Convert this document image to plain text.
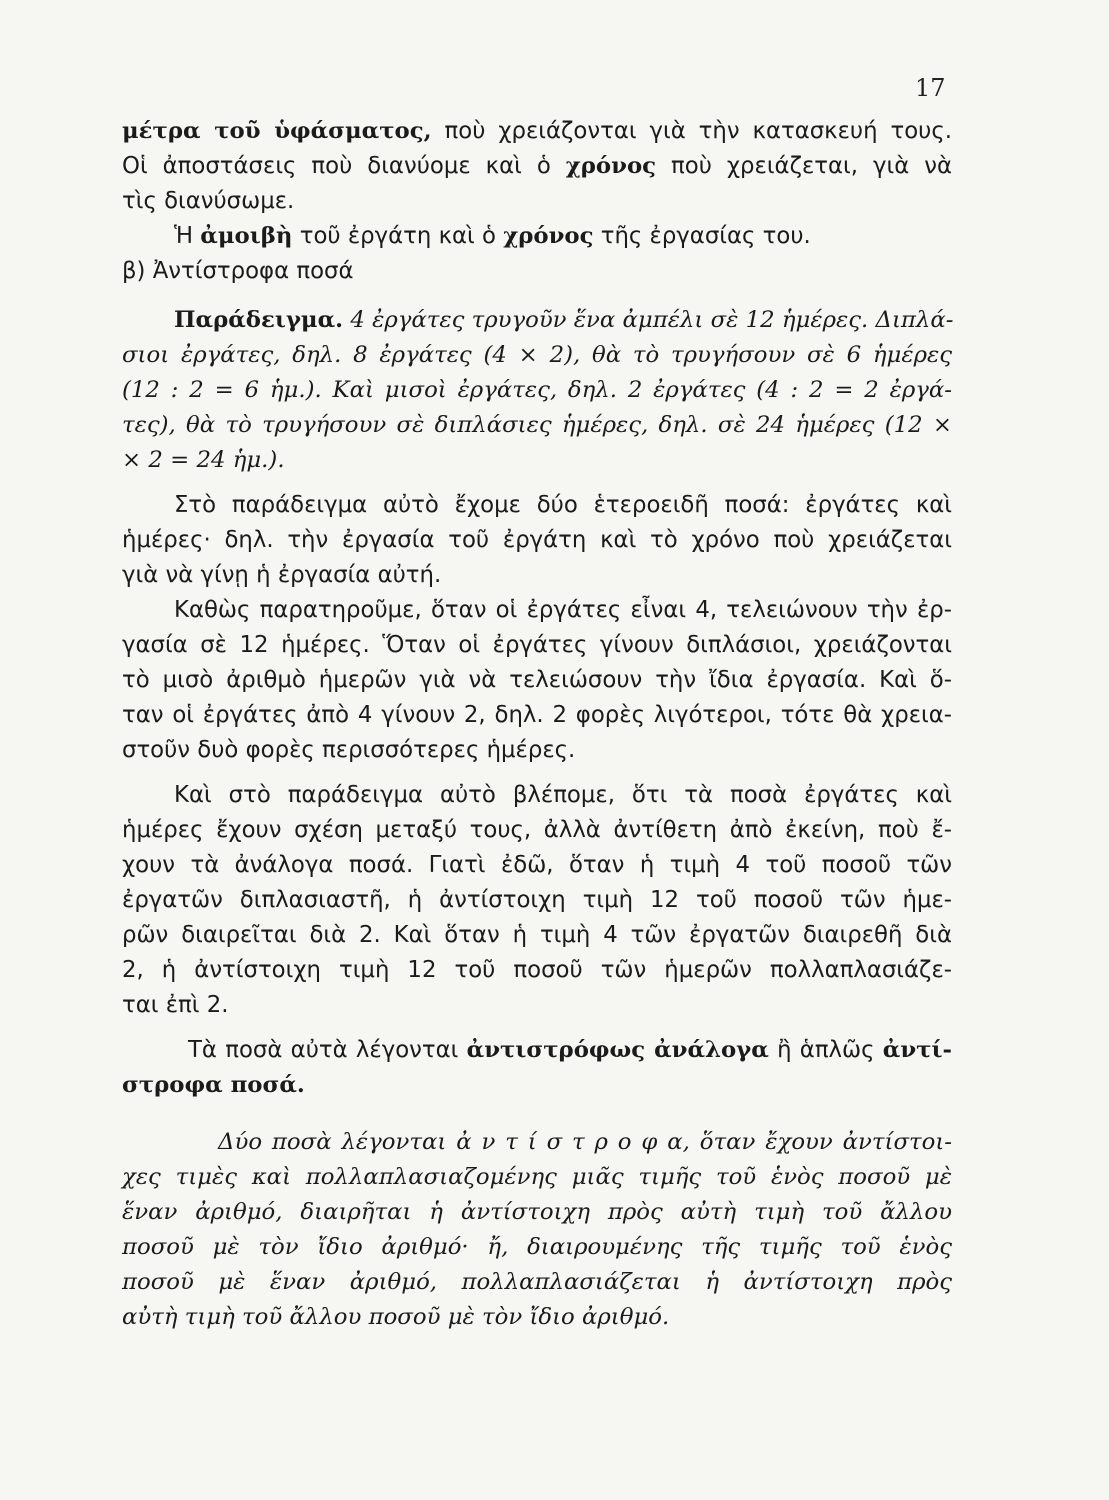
17
μέτρα τοῦ ὑφάσματος, ποὺ χρειάζονται γιὰ τὴν κατασκευή τους.
Οἱ ἀποστάσεις ποὺ διανύομε καὶ ὁ χρόνος ποὺ χρειάζεται, γιὰ νὰ
τὶς διανύσωμε.
Ἡ ἀμοιβὴ τοῦ ἐργάτη καὶ ὁ χρόνος τῆς ἐργασίας του.
β) Ἀντίστροφα ποσά
Παράδειγμα. 4 ἐργάτες τρυγοῦν ἕνα ἀμπέλι σὲ 12 ἡμέρες. Διπλά-
σιοι ἐργάτες, δηλ. 8 ἐργάτες (4 × 2), θὰ τὸ τρυγήσουν σὲ 6 ἡμέρες
(12 : 2 = 6 ἡμ.). Καὶ μισοὶ ἐργάτες, δηλ. 2 ἐργάτες (4 : 2 = 2 ἐργά-
τες), θὰ τὸ τρυγήσουν σὲ διπλάσιες ἡμέρες, δηλ. σὲ 24 ἡμέρες (12 ×
× 2 = 24 ἡμ.).
Στὸ παράδειγμα αὐτὸ ἔχομε δύο ἑτεροειδῆ ποσά: ἐργάτες καὶ
ἡμέρες· δηλ. τὴν ἐργασία τοῦ ἐργάτη καὶ τὸ χρόνο ποὺ χρειάζεται
γιὰ νὰ γίνῃ ἡ ἐργασία αὐτή.
Καθὼς παρατηροῦμε, ὅταν οἱ ἐργάτες εἶναι 4, τελειώνουν τὴν ἐρ-
γασία σὲ 12 ἡμέρες. Ὅταν οἱ ἐργάτες γίνουν διπλάσιοι, χρειάζονται
τὸ μισὸ ἀριθμὸ ἡμερῶν γιὰ νὰ τελειώσουν τὴν ἴδια ἐργασία. Καὶ ὅ-
ταν οἱ ἐργάτες ἀπὸ 4 γίνουν 2, δηλ. 2 φορὲς λιγότεροι, τότε θὰ χρεια-
στοῦν δυὸ φορὲς περισσότερες ἡμέρες.
Καὶ στὸ παράδειγμα αὐτὸ βλέπομε, ὅτι τὰ ποσὰ ἐργάτες καὶ
ἡμέρες ἔχουν σχέση μεταξύ τους, ἀλλὰ ἀντίθετη ἀπὸ ἐκείνη, ποὺ ἔ-
χουν τὰ ἀνάλογα ποσά. Γιατὶ ἐδῶ, ὅταν ἡ τιμὴ 4 τοῦ ποσοῦ τῶν
ἐργατῶν διπλασιαστῆ, ἡ ἀντίστοιχη τιμὴ 12 τοῦ ποσοῦ τῶν ἡμε-
ρῶν διαιρεῖται διὰ 2. Καὶ ὅταν ἡ τιμὴ 4 τῶν ἐργατῶν διαιρεθῆ διὰ
2, ἡ ἀντίστοιχη τιμὴ 12 τοῦ ποσοῦ τῶν ἡμερῶν πολλαπλασιάζε-
ται ἐπὶ 2.
Τὰ ποσὰ αὐτὰ λέγονται ἀντιστρόφως ἀνάλογα ἢ ἁπλῶς ἀντί-
στροφα ποσά.
Δύο ποσὰ λέγονται ἀ ν τ ί σ τ ρ ο φ α, ὅταν ἔχουν ἀντίστοι-
χες τιμὲς καὶ πολλαπλασιαζομένης μιᾶς τιμῆς τοῦ ἑνὸς ποσοῦ μὲ
ἕναν ἀριθμό, διαιρῆται ἡ ἀντίστοιχη πρὸς αὐτὴ τιμὴ τοῦ ἄλλου
ποσοῦ μὲ τὸν ἴδιο ἀριθμό· ἤ, διαιρουμένης τῆς τιμῆς τοῦ ἑνὸς
ποσοῦ μὲ ἕναν ἀριθμό, πολλαπλασιάζεται ἡ ἀντίστοιχη πρὸς
αὐτὴ τιμὴ τοῦ ἄλλου ποσοῦ μὲ τὸν ἴδιο ἀριθμό.
